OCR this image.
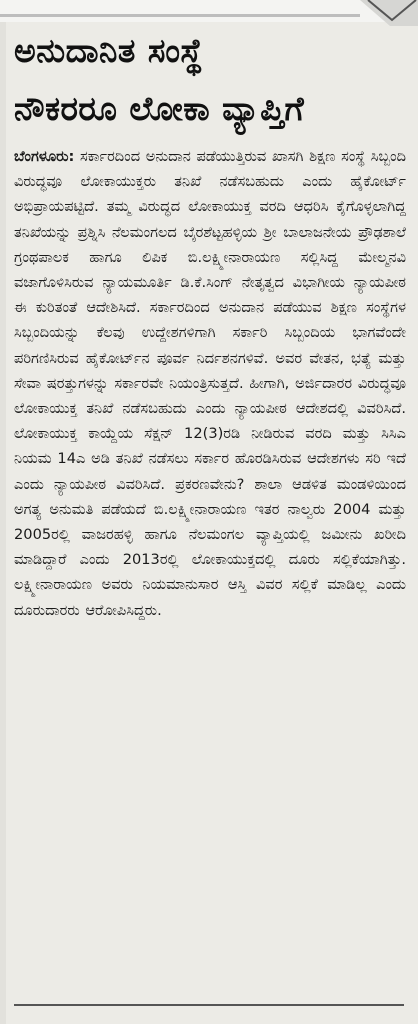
ಅನುದಾನಿತ ಸಂಸ್ಥೆ
ನೌಕರರೂ ಲೋಕಾ ವ್ಯಾಪ್ತಿಗೆ

ಬೆಂಗಳೂರು: ಸರ್ಕಾರದಿಂದ ಅನುದಾನ ಪಡೆಯುತ್ತಿರುವ ಖಾಸಗಿ ಶಿಕ್ಷಣ ಸಂಸ್ಥೆ ಸಿಬ್ಬಂದಿ ವಿರುದ್ಧವೂ ಲೋಕಾಯುಕ್ತರು ತನಿಖೆ ನಡೆಸಬಹುದು ಎಂದು ಹೈಕೋರ್ಟ್ ಅಭಿಪ್ರಾಯಪಟ್ಟಿದೆ. ತಮ್ಮ ವಿರುದ್ಧದ ಲೋಕಾಯುಕ್ತ ವರದಿ ಆಧರಿಸಿ ಕೈಗೊಳ್ಳಲಾಗಿದ್ದ ತನಿಖೆಯನ್ನು ಪ್ರಶ್ನಿಸಿ ನೆಲಮಂಗಲದ ಬೈರಶೆಟ್ಟಹಳ್ಳಿಯ ಶ್ರೀ ಬಾಲಾಜನೇಯ ಪ್ರೌಢಶಾಲೆ ಗ್ರಂಥಪಾಲಕ ಹಾಗೂ ಲಿಪಿಕ ಬಿ.ಲಕ್ಷ್ಮೀನಾರಾಯಣ ಸಲ್ಲಿಸಿದ್ದ ಮೇಲ್ಮನವಿ ವಜಾಗೊಳಿಸಿರುವ ನ್ಯಾಯಮೂರ್ತಿ ಡಿ.ಕೆ.ಸಿಂಗ್ ನೇತೃತ್ವದ ವಿಭಾಗೀಯ ನ್ಯಾಯಪೀಠ ಈ ಕುರಿತಂತೆ ಆದೇಶಿಸಿದೆ. ಸರ್ಕಾರದಿಂದ ಅನುದಾನ ಪಡೆಯುವ ಶಿಕ್ಷಣ ಸಂಸ್ಥೆಗಳ ಸಿಬ್ಬಂದಿಯನ್ನು ಕೆಲವು ಉದ್ದೇಶಗಳಿಗಾಗಿ ಸರ್ಕಾರಿ ಸಿಬ್ಬಂದಿಯ ಭಾಗವೆಂದೇ ಪರಿಗಣಿಸಿರುವ ಹೈಕೋರ್ಟ್‌ನ ಪೂರ್ವ ನಿರ್ದಶನಗಳಿವೆ. ಅವರ ವೇತನ, ಭತ್ಯೆ ಮತ್ತು ಸೇವಾ ಷರತ್ತುಗಳನ್ನು ಸರ್ಕಾರವೇ ನಿಯಂತ್ರಿಸುತ್ತದೆ. ಹೀಗಾಗಿ, ಅರ್ಜಿದಾರರ ವಿರುದ್ಧವೂ ಲೋಕಾಯುಕ್ತ ತನಿಖೆ ನಡೆಸಬಹುದು ಎಂದು ನ್ಯಾಯಪೀಠ ಆದೇಶದಲ್ಲಿ ವಿವರಿಸಿದೆ. ಲೋಕಾಯುಕ್ತ ಕಾಯ್ದೆಯ ಸೆಕ್ಷನ್ 12(3)ರಡಿ ನೀಡಿರುವ ವರದಿ ಮತ್ತು ಸಿಸಿಎ ನಿಯಮ 14ಎ ಅಡಿ ತನಿಖೆ ನಡೆಸಲು ಸರ್ಕಾರ ಹೊರಡಿಸಿರುವ ಆದೇಶಗಳು ಸರಿ ಇದೆ ಎಂದು ನ್ಯಾಯಪೀಠ ವಿವರಿಸಿದೆ. ಪ್ರಕರಣವೇನು? ಶಾಲಾ ಆಡಳಿತ ಮಂಡಳಿಯಿಂದ ಅಗತ್ಯ ಅನುಮತಿ ಪಡೆಯದೆ ಬಿ.ಲಕ್ಷ್ಮೀನಾರಾಯಣ ಇತರ ನಾಲ್ವರು 2004 ಮತ್ತು 2005ರಲ್ಲಿ ವಾಜರಹಳ್ಳಿ ಹಾಗೂ ನೆಲಮಂಗಲ ವ್ಯಾಪ್ತಿಯಲ್ಲಿ ಜಮೀನು ಖರೀದಿ ಮಾಡಿದ್ದಾರೆ ಎಂದು 2013ರಲ್ಲಿ ಲೋಕಾಯುಕ್ತದಲ್ಲಿ ದೂರು ಸಲ್ಲಿಕೆಯಾಗಿತ್ತು. ಲಕ್ಷ್ಮೀನಾರಾಯಣ ಅವರು ನಿಯಮಾನುಸಾರ ಆಸ್ತಿ ವಿವರ ಸಲ್ಲಿಕೆ ಮಾಡಿಲ್ಲ ಎಂದು ದೂರುದಾರರು ಆರೋಪಿಸಿದ್ದರು.
